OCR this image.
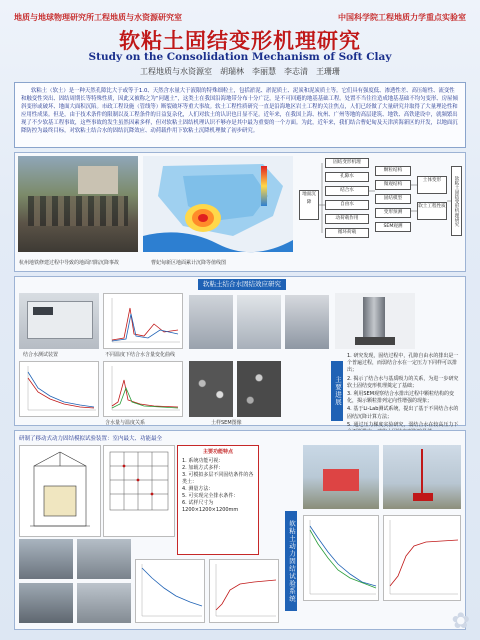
地质与地球物理研究所工程地质与水资源研究室	中国科学院工程地质力学重点实验室
软粘土固结变形机理研究
Study on the Consolidation Mechanism of Soft Clay
工程地质与水资源室　胡瑞林　李丽慧　李志清　王珊珊
软粘土（软土）是一种天然孔隙比大于或等于1.0、天然含水量大于液限的特殊细粒土，包括淤泥、淤泥质土、泥炭和泥炭质土等。它们具有强度低、渗透性差、高压缩性、流变性和触变性突出、固结周期长等特殊性质，因此又被称之为“问题土”，这类土在我国沿海地带分布十分广泛，是不可回避的地基基础工程。处置不当往往造成地基基础不均匀变形、房屋倾斜变形或破坏、地面大面积沉陷。市政工程设施（管线等）断裂破坏等重大事故。软土工程性质研究一直是沿海地区岩土工程的关注焦点，人们已经做了大量研究并取得了大量理论性和应用性成果。但是，由于技术条件的限制以及工程条件的日益复杂化，人们对软土的认识也日显不足。近年来，在我国上海、杭州、广州等地的高层建筑、地铁、高铁建设中，就频繁出现了不少软基工程事故，这些事故的发生虽然因素多样，但对软粘土固结机理认识不够亦是其中最为重要的一个方面。为此，近年来，我们结合曹妃甸及天津滨海新区的开发，以地面沉降防控为最终目标，对软粘土结合水的固结沉降效应、动荷载作用下软粘土沉降机理做了初步研究。
地面沉降
固结变形机理
孔隙水
结合水
自由水
动荷载作用
循环荷载
颗粒结构
微观结构
固结模型
变形预测
SEM观测
土体变形
软土工程性质	软粘土固结变形机理研究
杭州地铁修建过程中导致的地面凹陷沉降事故	曹妃甸新区地面累计沉降等值线图
软粘土结合水固结效应研究
结合水测试装置	不同温度下结合水含量变化曲线
含水量与温度关系	土样SEM图像
主要进展

1. 研究发现，固结过程中，孔隙自由水的排出是一个普遍过程，而弱结合水在一定压力下同样可以排出；

2. 揭示了结合水与基质吸力的关系，为进一步研究软土固结变形机理奠定了基础；

3. 利用SEM观察结合水排出过程中颗粒结构的变化，揭示颗粒排列定向性增强的现象；

4. 基于Li-Lab测试系统，提出了基于不同结合水的固结沉降计算方法；

5. 通过压力梯度实验研究，弱结合水在较高压力下

研制了移动式动力固结模拟试验装置：室内最大、功能最全

主要功能特点

1. 系统功能可视：

2. 加载方式多样：

3. 可模拟多层不同固结条件的各类土：

4. 测量方法：

5. 可实现完全排水条件：

6. 试样尺寸为1200×1200×1200mm

软粘土动力固结试验系统
✿
